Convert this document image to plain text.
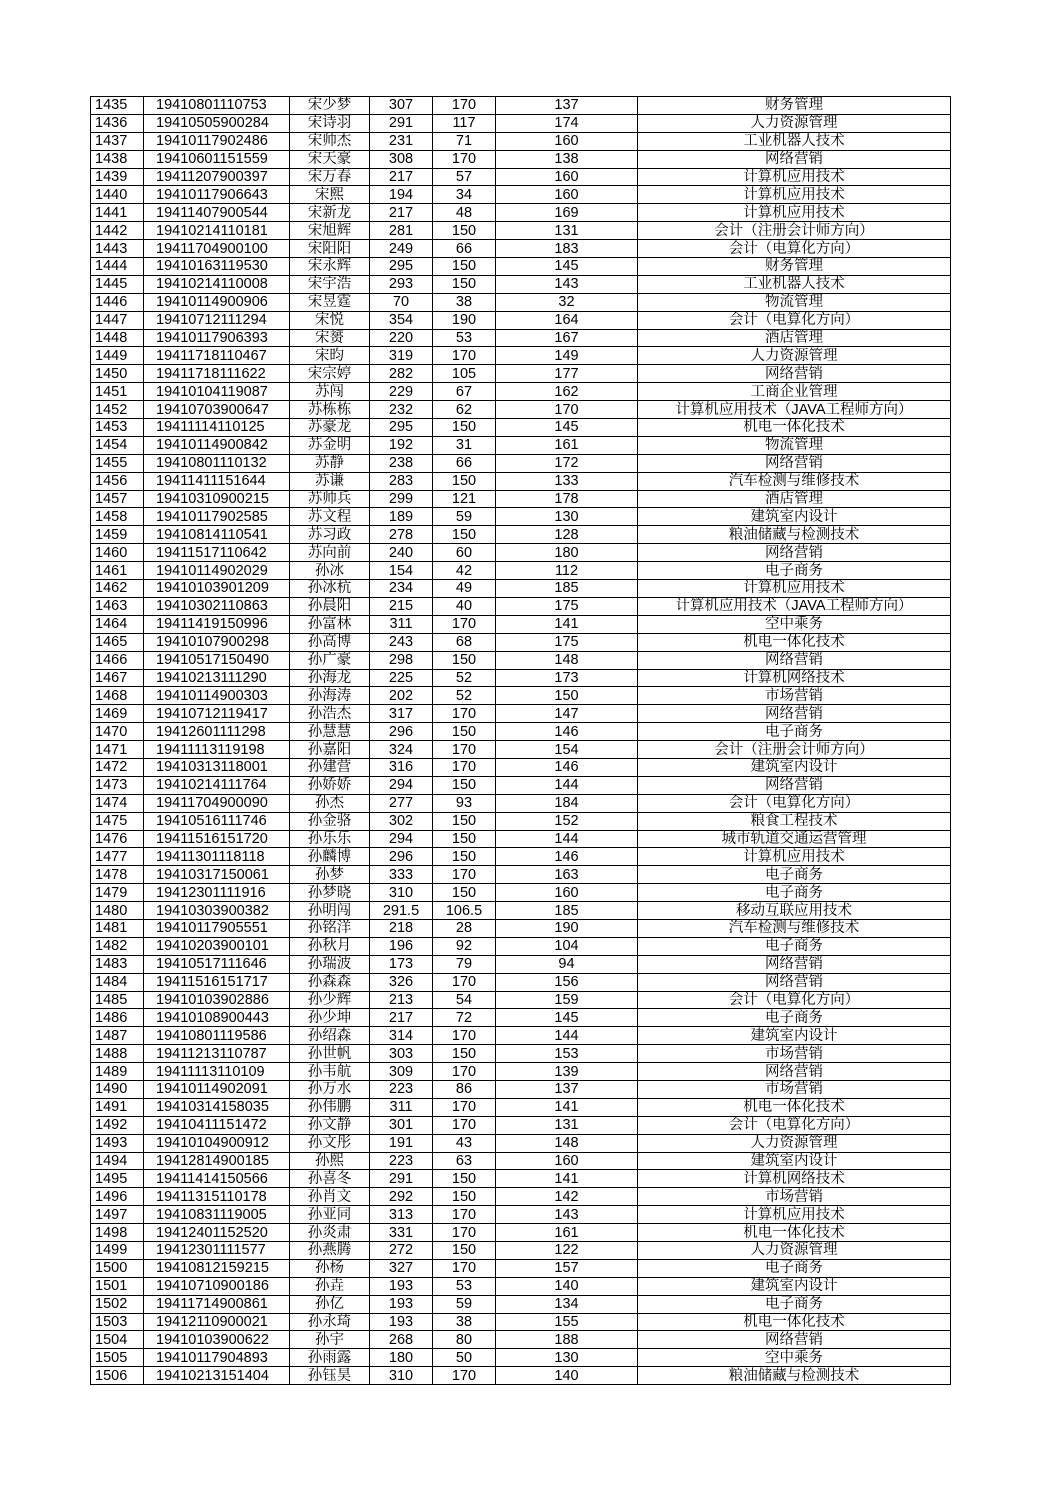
1435	19410801110753	宋少梦	307	170	137	财务管理
1436	19410505900284	宋诗羽	291	117	174	人力资源管理
1437	19410117902486	宋帅杰	231	71	160	工业机器人技术
1438	19410601151559	宋天豪	308	170	138	网络营销
1439	19411207900397	宋万春	217	57	160	计算机应用技术
1440	19410117906643	宋熙	194	34	160	计算机应用技术
1441	19411407900544	宋新龙	217	48	169	计算机应用技术
1442	19410214110181	宋旭辉	281	150	131	会计（注册会计师方向）
1443	19411704900100	宋阳阳	249	66	183	会计（电算化方向）
1444	19410163119530	宋永辉	295	150	145	财务管理
1445	19410214110008	宋宇浩	293	150	143	工业机器人技术
1446	19410114900906	宋昱霆	70	38	32	物流管理
1447	19410712111294	宋悦	354	190	164	会计（电算化方向）
1448	19410117906393	宋赟	220	53	167	酒店管理
1449	19411718110467	宋昀	319	170	149	人力资源管理
1450	19411718111622	宋宗婷	282	105	177	网络营销
1451	19410104119087	苏闯	229	67	162	工商企业管理
1452	19410703900647	苏栋栋	232	62	170	计算机应用技术（JAVA工程师方向）
1453	19411114110125	苏豪龙	295	150	145	机电一体化技术
1454	19410114900842	苏金明	192	31	161	物流管理
1455	19410801110132	苏静	238	66	172	网络营销
1456	19411411151644	苏谦	283	150	133	汽车检测与维修技术
1457	19410310900215	苏帅兵	299	121	178	酒店管理
1458	19410117902585	苏文程	189	59	130	建筑室内设计
1459	19410814110541	苏习政	278	150	128	粮油储藏与检测技术
1460	19411517110642	苏向前	240	60	180	网络营销
1461	19410114902029	孙冰	154	42	112	电子商务
1462	19410103901209	孙冰杭	234	49	185	计算机应用技术
1463	19410302110863	孙晨阳	215	40	175	计算机应用技术（JAVA工程师方向）
1464	19411419150996	孙富林	311	170	141	空中乘务
1465	19410107900298	孙高博	243	68	175	机电一体化技术
1466	19410517150490	孙广豪	298	150	148	网络营销
1467	19410213111290	孙海龙	225	52	173	计算机网络技术
1468	19410114900303	孙海涛	202	52	150	市场营销
1469	19410712119417	孙浩杰	317	170	147	网络营销
1470	19412601111298	孙慧慧	296	150	146	电子商务
1471	19411113119198	孙嘉阳	324	170	154	会计（注册会计师方向）
1472	19410313118001	孙建营	316	170	146	建筑室内设计
1473	19410214111764	孙娇娇	294	150	144	网络营销
1474	19411704900090	孙杰	277	93	184	会计（电算化方向）
1475	19410516111746	孙金骆	302	150	152	粮食工程技术
1476	19411516151720	孙乐乐	294	150	144	城市轨道交通运营管理
1477	19411301118118	孙麟博	296	150	146	计算机应用技术
1478	19410317150061	孙梦	333	170	163	电子商务
1479	19412301111916	孙梦晓	310	150	160	电子商务
1480	19410303900382	孙明闯	291.5	106.5	185	移动互联应用技术
1481	19410117905551	孙铭洋	218	28	190	汽车检测与维修技术
1482	19410203900101	孙秋月	196	92	104	电子商务
1483	19410517111646	孙瑞波	173	79	94	网络营销
1484	19411516151717	孙森森	326	170	156	网络营销
1485	19410103902886	孙少辉	213	54	159	会计（电算化方向）
1486	19410108900443	孙少坤	217	72	145	电子商务
1487	19410801119586	孙绍森	314	170	144	建筑室内设计
1488	19411213110787	孙世帆	303	150	153	市场营销
1489	19411113110109	孙韦航	309	170	139	网络营销
1490	19410114902091	孙万水	223	86	137	市场营销
1491	19410314158035	孙伟鹏	311	170	141	机电一体化技术
1492	19410411151472	孙文静	301	170	131	会计（电算化方向）
1493	19410104900912	孙文彤	191	43	148	人力资源管理
1494	19412814900185	孙熙	223	63	160	建筑室内设计
1495	19411414150566	孙喜冬	291	150	141	计算机网络技术
1496	19411315110178	孙肖文	292	150	142	市场营销
1497	19410831119005	孙亚同	313	170	143	计算机应用技术
1498	19412401152520	孙炎肃	331	170	161	机电一体化技术
1499	19412301111577	孙燕腾	272	150	122	人力资源管理
1500	19410812159215	孙杨	327	170	157	电子商务
1501	19410710900186	孙垚	193	53	140	建筑室内设计
1502	19411714900861	孙亿	193	59	134	电子商务
1503	19412110900021	孙永琦	193	38	155	机电一体化技术
1504	19410103900622	孙宇	268	80	188	网络营销
1505	19410117904893	孙雨露	180	50	130	空中乘务
1506	19410213151404	孙钰昊	310	170	140	粮油储藏与检测技术
